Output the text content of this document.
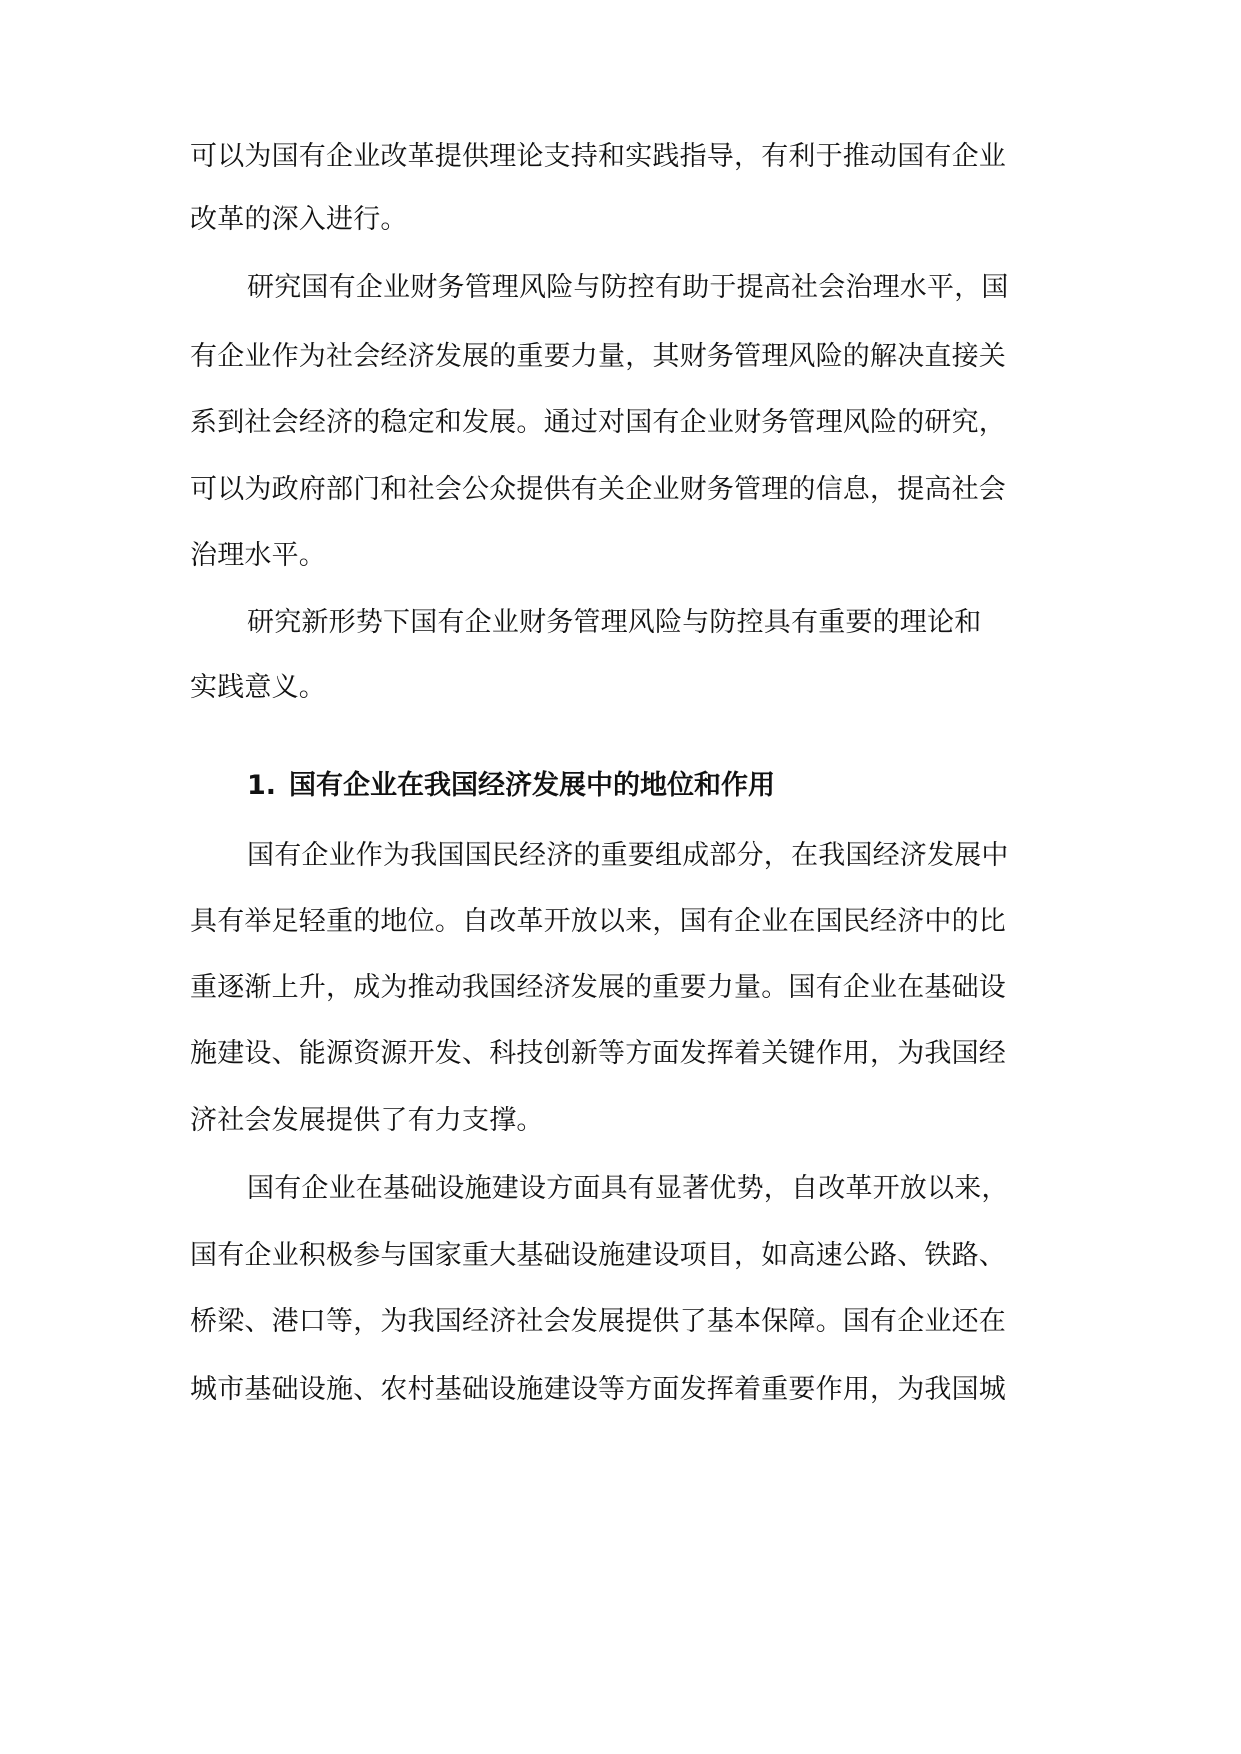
可以为国有企业改革提供理论支持和实践指导，有利于推动国有企业
改革的深入进行。
研究国有企业财务管理风险与防控有助于提高社会治理水平，国
有企业作为社会经济发展的重要力量，其财务管理风险的解决直接关
系到社会经济的稳定和发展。通过对国有企业财务管理风险的研究，
可以为政府部门和社会公众提供有关企业财务管理的信息，提高社会
治理水平。
研究新形势下国有企业财务管理风险与防控具有重要的理论和
实践意义。
1. 国有企业在我国经济发展中的地位和作用
国有企业作为我国国民经济的重要组成部分，在我国经济发展中
具有举足轻重的地位。自改革开放以来，国有企业在国民经济中的比
重逐渐上升，成为推动我国经济发展的重要力量。国有企业在基础设
施建设、能源资源开发、科技创新等方面发挥着关键作用，为我国经
济社会发展提供了有力支撑。
国有企业在基础设施建设方面具有显著优势，自改革开放以来，
国有企业积极参与国家重大基础设施建设项目，如高速公路、铁路、
桥梁、港口等，为我国经济社会发展提供了基本保障。国有企业还在
城市基础设施、农村基础设施建设等方面发挥着重要作用，为我国城
